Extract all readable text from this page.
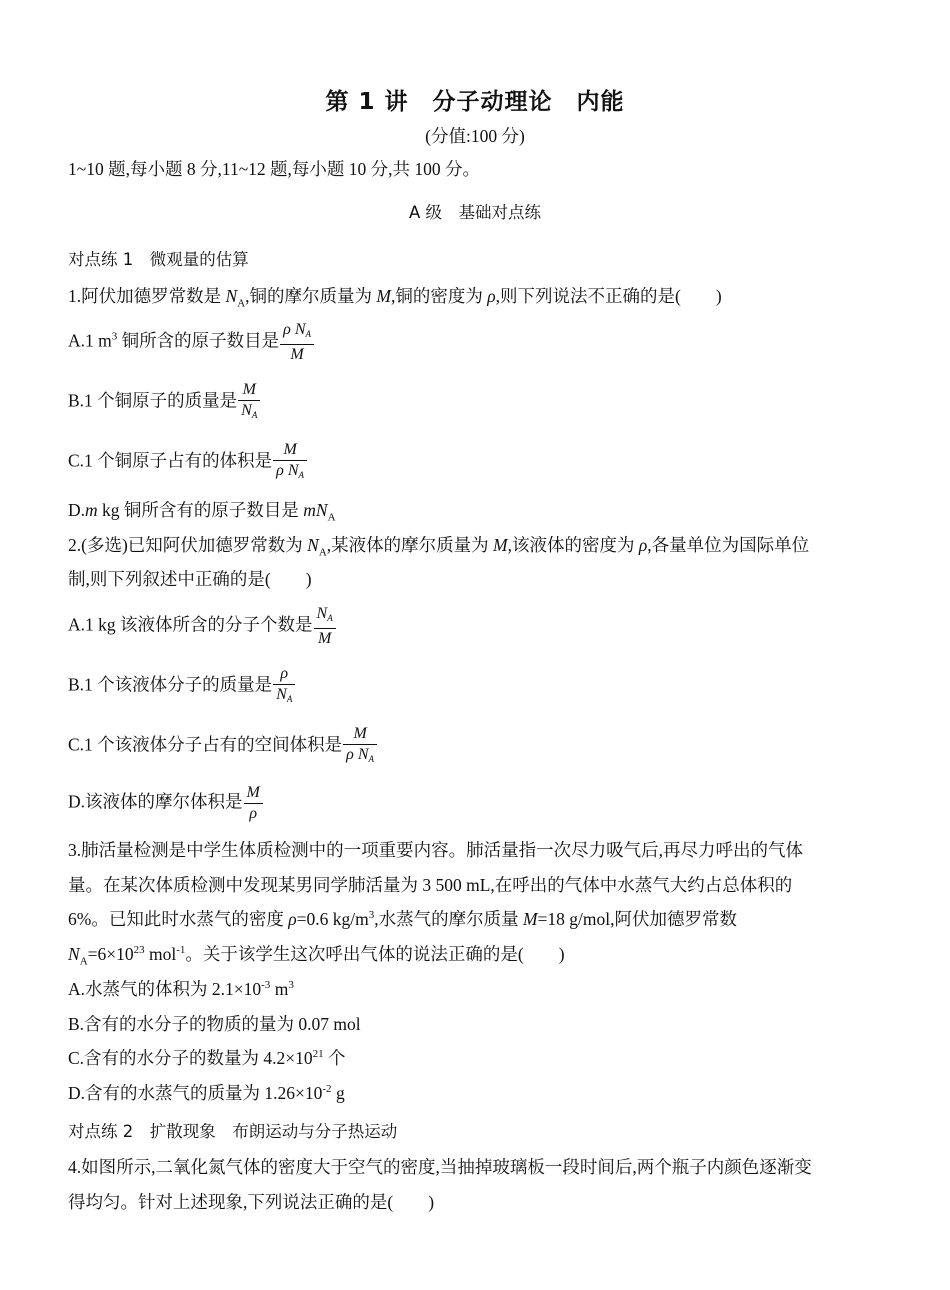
第 1 讲　分子动理论　内能
(分值:100 分)
1~10 题,每小题 8 分,11~12 题,每小题 10 分,共 100 分。
A 级　基础对点练
对点练 1　微观量的估算
1.阿伏加德罗常数是 $N_A$,铜的摩尔质量为 M,铜的密度为 ρ,则下列说法不正确的是(　　)
A.1 $m^3$ 铜所含的原子数目是 $\frac{\text{ρ NA}}{M}$
B.1 个铜原子的质量是 $\frac{M}{NA}$
C.1 个铜原子占有的体积是 $\frac{M}{\text{ρ NA}}$
D.m kg 铜所含有的原子数目是 $mN_A$
2.(多选)已知阿伏加德罗常数为 $N_A$,某液体的摩尔质量为 M,该液体的密度为 ρ,各量单位为国际单位
制,则下列叙述中正确的是(　　)
A.1 kg 该液体所含的分子个数是 $\frac{NA}{M}$
B.1 个该液体分子的质量是 $\frac{\rho}{NA}$
C.1 个该液体分子占有的空间体积是 $\frac{M}{\text{ρ NA}}$
D.该液体的摩尔体积是 $\frac{M}{\rho}$
3.肺活量检测是中学生体质检测中的一项重要内容。肺活量指一次尽力吸气后,再尽力呼出的气体
量。在某次体质检测中发现某男同学肺活量为 3 500 mL,在呼出的气体中水蒸气大约占总体积的
6%。已知此时水蒸气的密度 ρ=0.6 $kg/m^3$,水蒸气的摩尔质量 M=18 g/mol,阿伏加德罗常数
$N_A=6\times 10^{23}$ mol$^{-1}$。关于该学生这次呼出气体的说法正确的是(　　)
A.水蒸气的体积为 $2.1\times 10^{-3}$ $m^3$
B.含有的水分子的物质的量为 0.07 mol
C.含有的水分子的数量为 $4.2\times 10^{21}$ 个
D.含有的水蒸气的质量为 $1.26\times 10^{-2}$ g
对点练 2　扩散现象　布朗运动与分子热运动
4.如图所示,二氧化氮气体的密度大于空气的密度,当抽掉玻璃板一段时间后,两个瓶子内颜色逐渐变
得均匀。针对上述现象,下列说法正确的是(　　)
